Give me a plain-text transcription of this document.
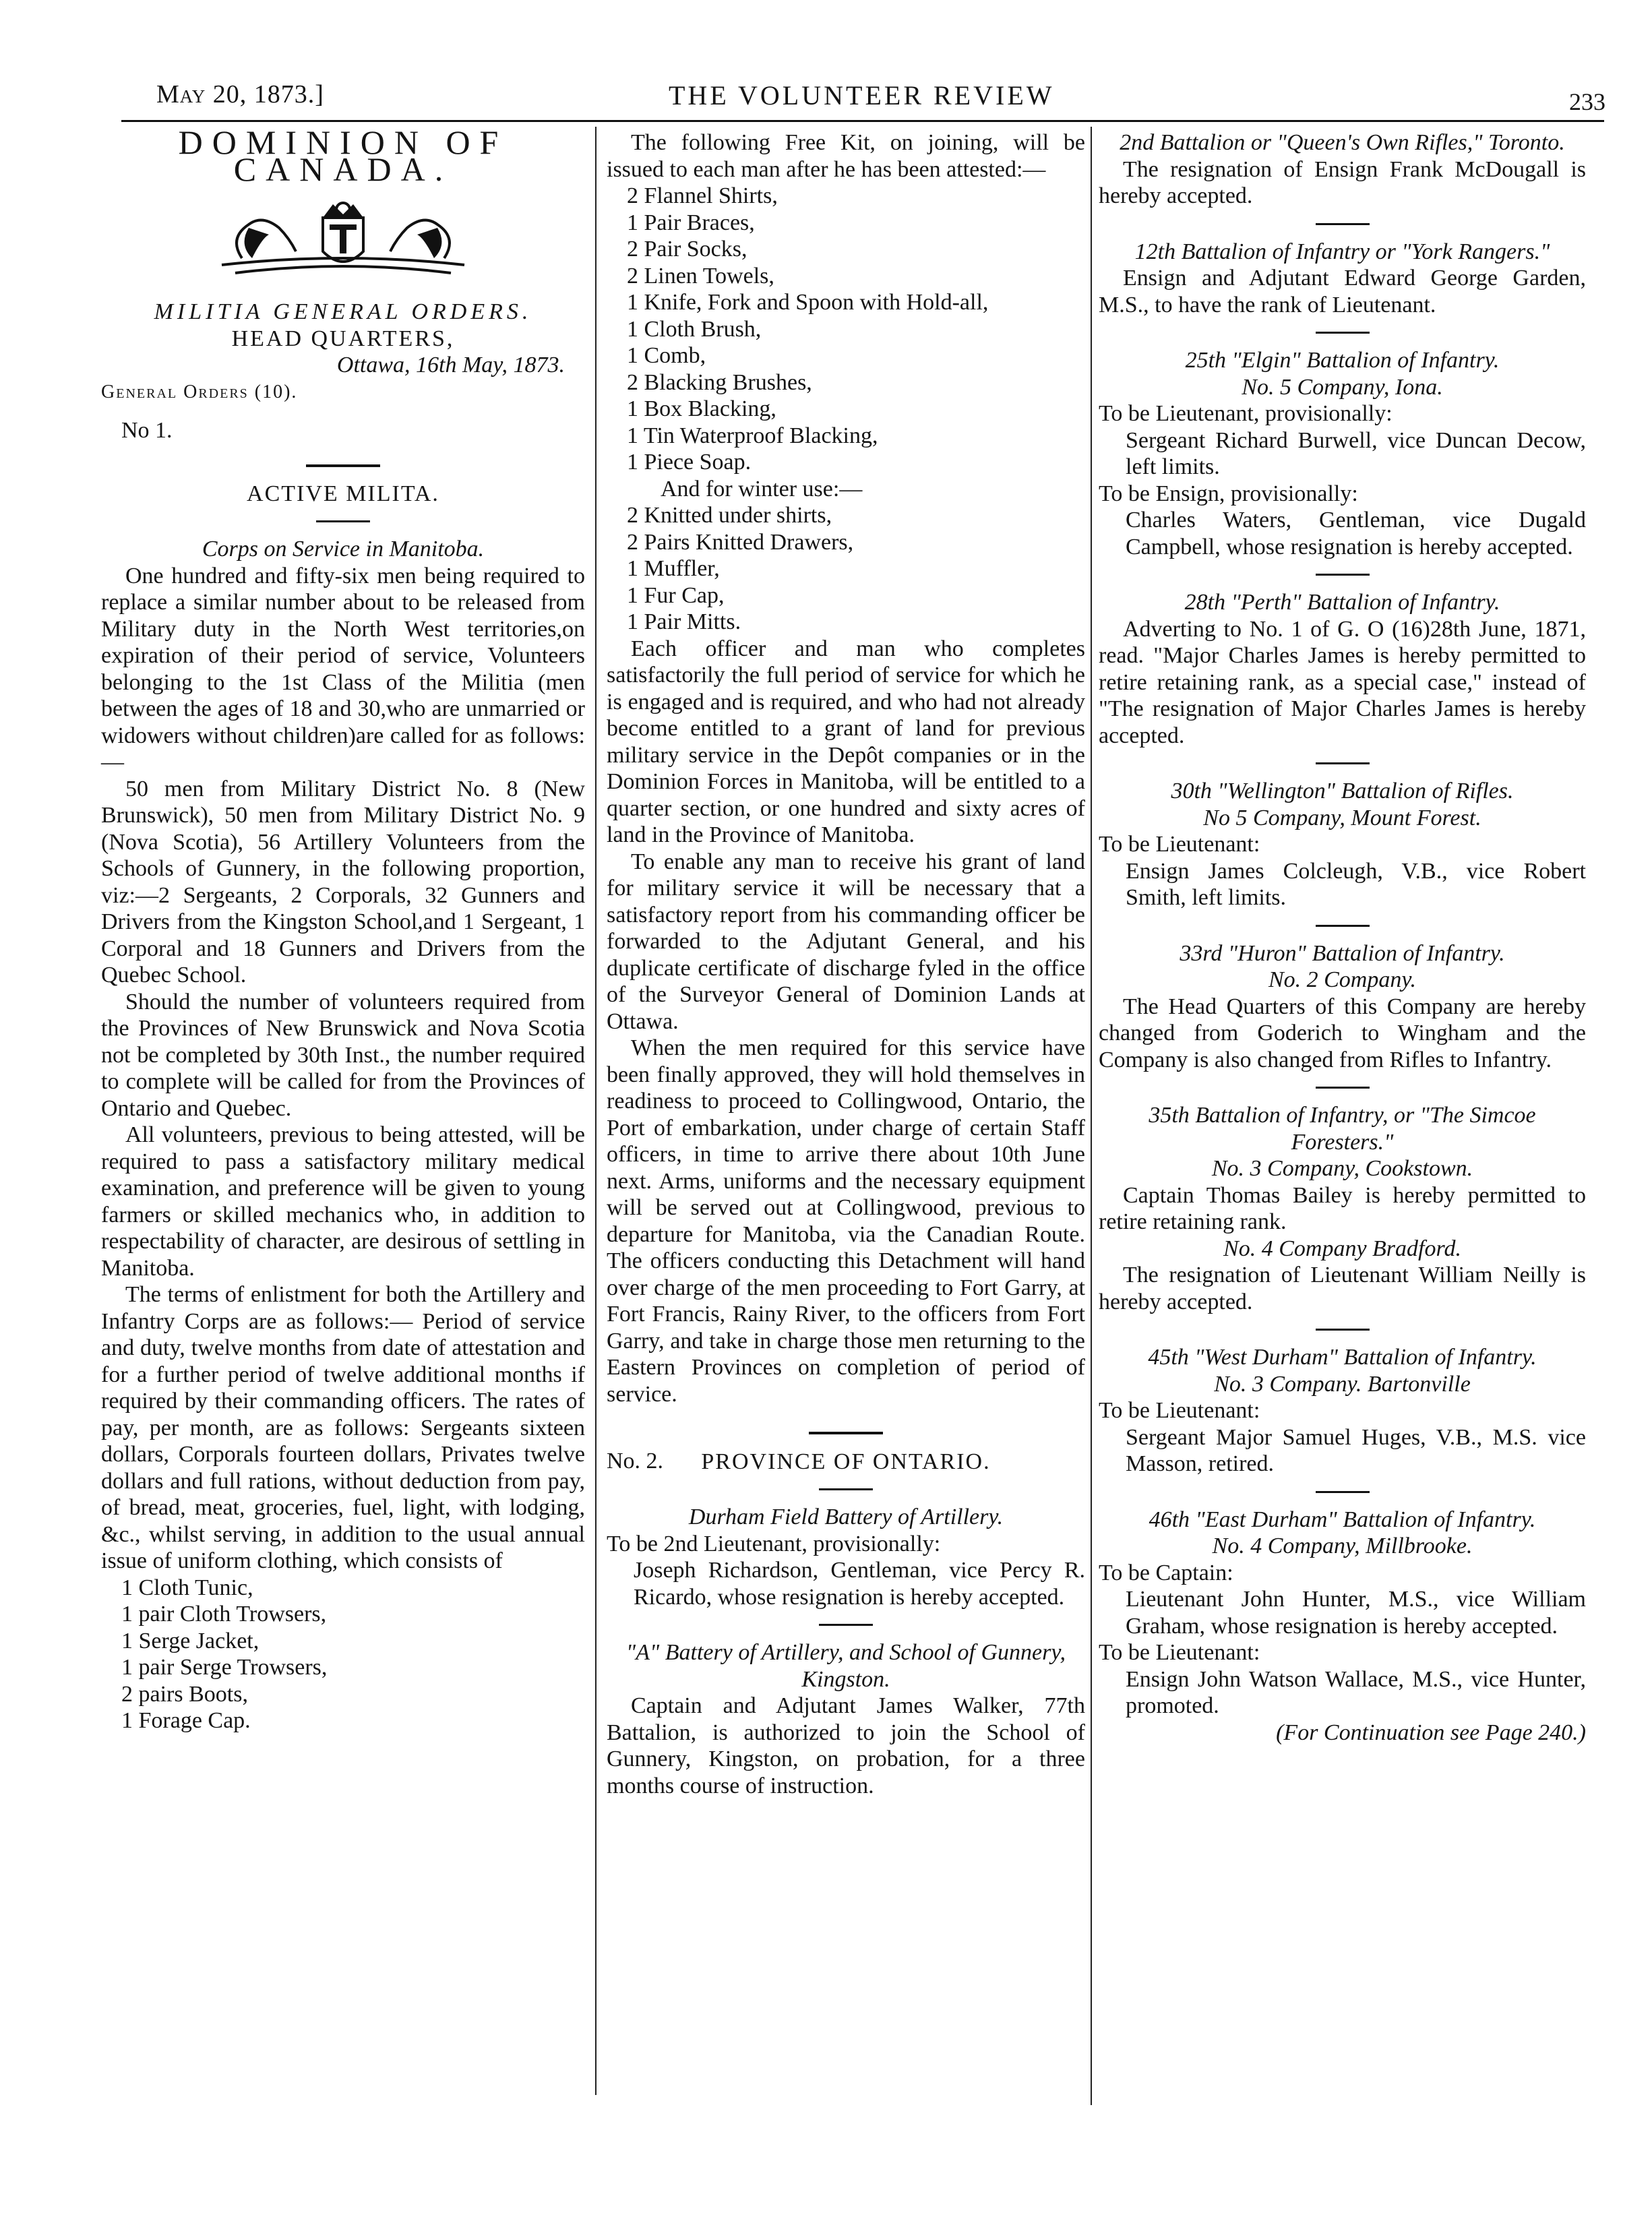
May 20, 1873.]	THE VOLUNTEER REVIEW	233

DOMINION OF CANADA.

MILITIA GENERAL ORDERS.

HEAD QUARTERS,

Ottawa, 16th May, 1873.

General Orders (10).

No 1.

ACTIVE MILITA.

Corps on Service in Manitoba.

One hundred and fifty-six men being required to replace a similar number about to be released from Military duty in the North West territories,on expiration of their period of service, Volunteers belonging to the 1st Class of the Militia (men between the ages of 18 and 30,who are unmarried or widowers without children)are called for as follows:—

50 men from Military District No. 8 (New Brunswick), 50 men from Military District No. 9 (Nova Scotia), 56 Artillery Volunteers from the Schools of Gunnery, in the following proportion, viz:—2 Sergeants, 2 Corporals, 32 Gunners and Drivers from the Kingston School,and 1 Sergeant, 1 Corporal and 18 Gunners and Drivers from the Quebec School.

Should the number of volunteers required from the Provinces of New Brunswick and Nova Scotia not be completed by 30th Inst., the number required to complete will be called for from the Provinces of Ontario and Quebec.

All volunteers, previous to being attested, will be required to pass a satisfactory military medical examination, and preference will be given to young farmers or skilled mechanics who, in addition to respectability of character, are desirous of settling in Manitoba.

The terms of enlistment for both the Artillery and Infantry Corps are as follows:— Period of service and duty, twelve months from date of attestation and for a further period of twelve additional months if required by their commanding officers. The rates of pay, per month, are as follows: Sergeants sixteen dollars, Corporals fourteen dollars, Privates twelve dollars and full rations, without deduction from pay, of bread, meat, groceries, fuel, light, with lodging, &c., whilst serving, in addition to the usual annual issue of uniform clothing, which consists of

1 Cloth Tunic,

1 pair Cloth Trowsers,

1 Serge Jacket,

1 pair Serge Trowsers,

2 pairs Boots,

1 Forage Cap.

The following Free Kit, on joining, will be issued to each man after he has been attested:—

2 Flannel Shirts,

1 Pair Braces,

2 Pair Socks,

2 Linen Towels,

1 Knife, Fork and Spoon with Hold-all,

1 Cloth Brush,

1 Comb,

2 Blacking Brushes,

1 Box Blacking,

1 Tin Waterproof Blacking,

1 Piece Soap.

And for winter use:—

2 Knitted under shirts,

2 Pairs Knitted Drawers,

1 Muffler,

1 Fur Cap,

1 Pair Mitts.

Each officer and man who completes satisfactorily the full period of service for which he is engaged and is required, and who had not already become entitled to a grant of land for previous military service in the Depôt companies or in the Dominion Forces in Manitoba, will be entitled to a quarter section, or one hundred and sixty acres of land in the Province of Manitoba.

To enable any man to receive his grant of land for military service it will be necessary that a satisfactory report from his commanding officer be forwarded to the Adjutant General, and his duplicate certificate of discharge fyled in the office of the Surveyor General of Dominion Lands at Ottawa.

When the men required for this service have been finally approved, they will hold themselves in readiness to proceed to Collingwood, Ontario, the Port of embarkation, under charge of certain Staff officers, in time to arrive there about 10th June next. Arms, uniforms and the necessary equipment will be served out at Collingwood, previous to departure for Manitoba, via the Canadian Route. The officers conducting this Detachment will hand over charge of the men proceeding to Fort Garry, at Fort Francis, Rainy River, to the officers from Fort Garry, and take in charge those men returning to the Eastern Provinces on completion of period of service.

No. 2.	PROVINCE OF ONTARIO.

Durham Field Battery of Artillery.

To be 2nd Lieutenant, provisionally:

Joseph Richardson, Gentleman, vice Percy R. Ricardo, whose resignation is hereby accepted.

"A" Battery of Artillery, and School of Gunnery, Kingston.

Captain and Adjutant James Walker, 77th Battalion, is authorized to join the School of Gunnery, Kingston, on probation, for a three months course of instruction.

2nd Battalion or "Queen's Own Rifles," Toronto.

The resignation of Ensign Frank McDougall is hereby accepted.

12th Battalion of Infantry or "York Rangers."

Ensign and Adjutant Edward George Garden, M.S., to have the rank of Lieutenant.

25th "Elgin" Battalion of Infantry.

No. 5 Company, Iona.

To be Lieutenant, provisionally:

Sergeant Richard Burwell, vice Duncan Decow, left limits.

To be Ensign, provisionally:

Charles Waters, Gentleman, vice Dugald Campbell, whose resignation is hereby accepted.

28th "Perth" Battalion of Infantry.

Adverting to No. 1 of G. O (16)28th June, 1871, read. "Major Charles James is hereby permitted to retire retaining rank, as a special case," instead of "The resignation of Major Charles James is hereby accepted.

30th "Wellington" Battalion of Rifles.

No 5 Company, Mount Forest.

To be Lieutenant:

Ensign James Colcleugh, V.B., vice Robert Smith, left limits.

33rd "Huron" Battalion of Infantry.

No. 2 Company.

The Head Quarters of this Company are hereby changed from Goderich to Wingham and the Company is also changed from Rifles to Infantry.

35th Battalion of Infantry, or "The Simcoe Foresters."

No. 3 Company, Cookstown.

Captain Thomas Bailey is hereby permitted to retire retaining rank.

No. 4 Company Bradford.

The resignation of Lieutenant William Neilly is hereby accepted.

45th "West Durham" Battalion of Infantry.

No. 3 Company. Bartonville

To be Lieutenant:

Sergeant Major Samuel Huges, V.B., M.S. vice Masson, retired.

46th "East Durham" Battalion of Infantry.

No. 4 Company, Millbrooke.

To be Captain:

Lieutenant John Hunter, M.S., vice William Graham, whose resignation is hereby accepted.

To be Lieutenant:

Ensign John Watson Wallace, M.S., vice Hunter, promoted.

(For Continuation see Page 240.)
